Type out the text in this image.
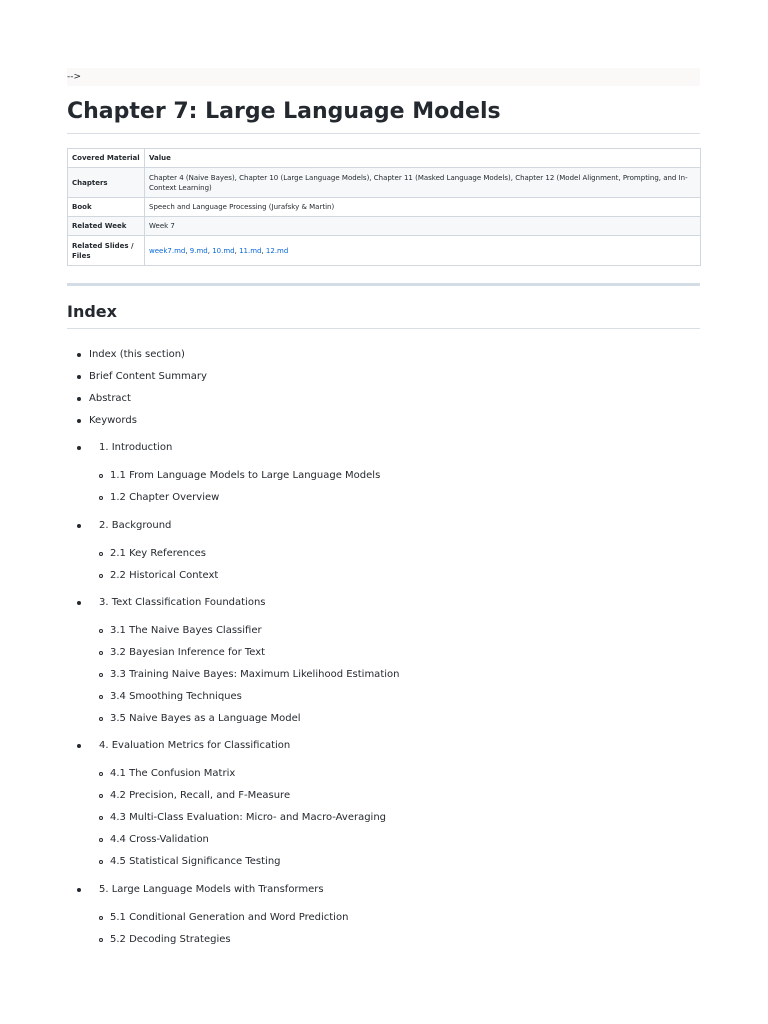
-->
Chapter 7: Large Language Models
Covered Material	Value
Chapters	Chapter 4 (Naive Bayes), Chapter 10 (Large Language Models), Chapter 11 (Masked Language Models), Chapter 12 (Model Alignment, Prompting, and In-Context Learning)
Book	Speech and Language Processing (Jurafsky & Martin)
Related Week	Week 7
Related Slides / Files	week7.md, 9.md, 10.md, 11.md, 12.md
Index
Index (this section)
Brief Content Summary
Abstract
Keywords
1. Introduction
1.1 From Language Models to Large Language Models
1.2 Chapter Overview
2. Background
2.1 Key References
2.2 Historical Context
3. Text Classification Foundations
3.1 The Naive Bayes Classifier
3.2 Bayesian Inference for Text
3.3 Training Naive Bayes: Maximum Likelihood Estimation
3.4 Smoothing Techniques
3.5 Naive Bayes as a Language Model
4. Evaluation Metrics for Classification
4.1 The Confusion Matrix
4.2 Precision, Recall, and F-Measure
4.3 Multi-Class Evaluation: Micro- and Macro-Averaging
4.4 Cross-Validation
4.5 Statistical Significance Testing
5. Large Language Models with Transformers
5.1 Conditional Generation and Word Prediction
5.2 Decoding Strategies
